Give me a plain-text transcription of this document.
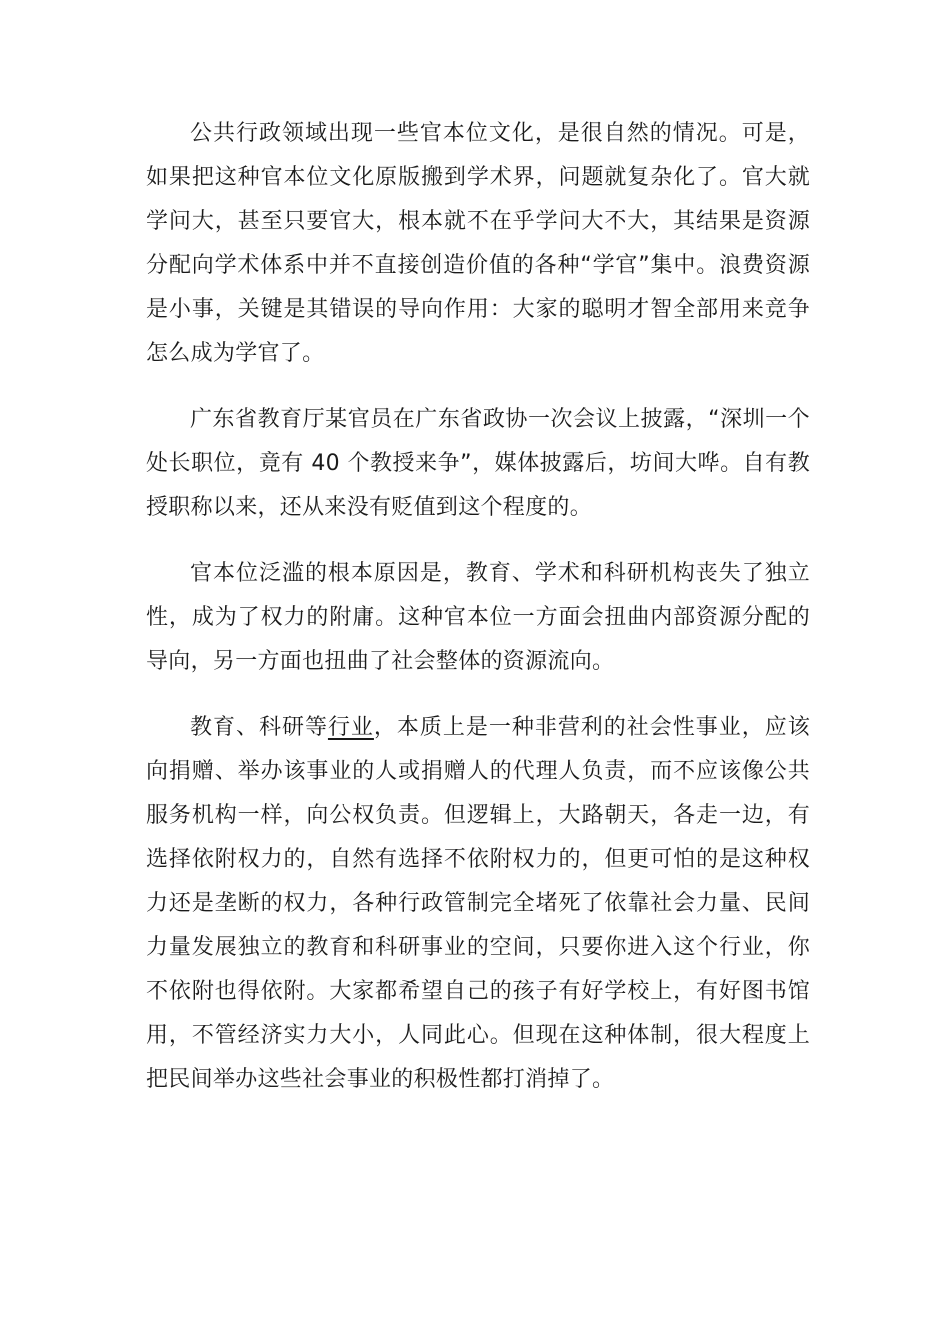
公共行政领域出现一些官本位文化，是很自然的情况。可是，如果把这种官本位文化原版搬到学术界，问题就复杂化了。官大就学问大，甚至只要官大，根本就不在乎学问大不大，其结果是资源分配向学术体系中并不直接创造价值的各种“学官”集中。浪费资源是小事，关键是其错误的导向作用：大家的聪明才智全部用来竞争怎么成为学官了。

广东省教育厅某官员在广东省政协一次会议上披露，“深圳一个处长职位，竟有 40 个教授来争”，媒体披露后，坊间大哗。自有教授职称以来，还从来没有贬值到这个程度的。

官本位泛滥的根本原因是，教育、学术和科研机构丧失了独立性，成为了权力的附庸。这种官本位一方面会扭曲内部资源分配的导向，另一方面也扭曲了社会整体的资源流向。

教育、科研等行业，本质上是一种非营利的社会性事业，应该向捐赠、举办该事业的人或捐赠人的代理人负责，而不应该像公共服务机构一样，向公权负责。但逻辑上，大路朝天，各走一边，有选择依附权力的，自然有选择不依附权力的，但更可怕的是这种权力还是垄断的权力，各种行政管制完全堵死了依靠社会力量、民间力量发展独立的教育和科研事业的空间，只要你进入这个行业，你不依附也得依附。大家都希望自己的孩子有好学校上，有好图书馆用，不管经济实力大小，人同此心。但现在这种体制，很大程度上把民间举办这些社会事业的积极性都打消掉了。
